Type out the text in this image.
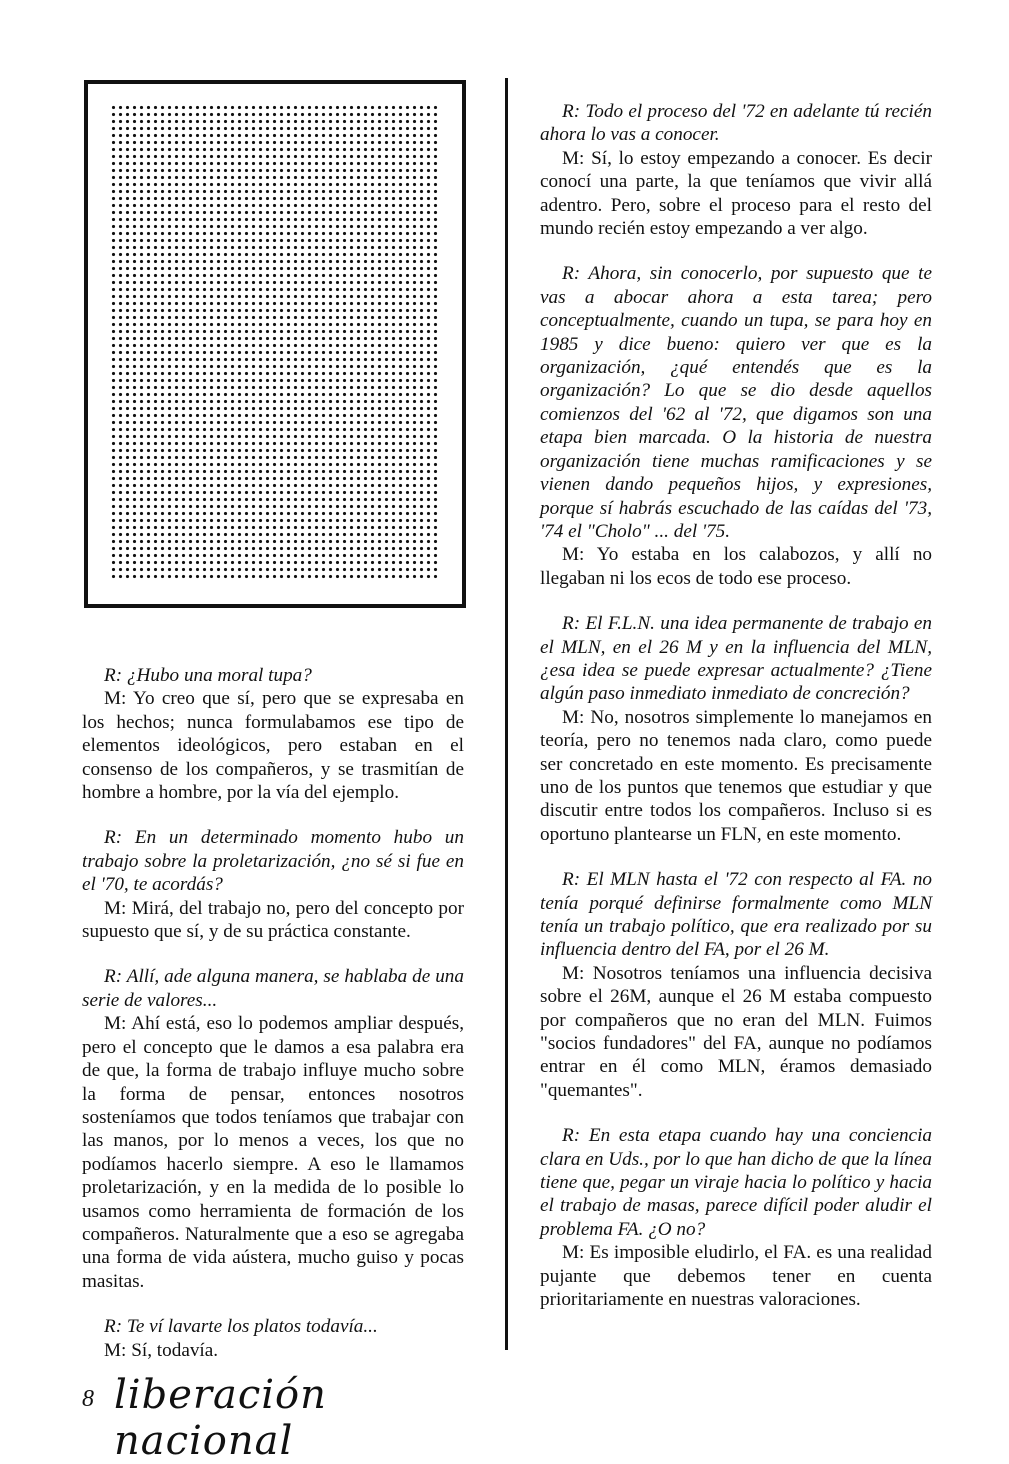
R: ¿Hubo una moral tupa?
M: Yo creo que sí, pero que se expresaba en los hechos; nunca formulabamos ese tipo de elementos ideológicos, pero estaban en el consenso de los compañeros, y se trasmitían de hombre a hombre, por la vía del ejemplo.
R: En un determinado momento hubo un trabajo sobre la proletarización, ¿no sé si fue en el '70, te acordás?
M: Mirá, del trabajo no, pero del concepto por supuesto que sí, y de su práctica constante.
R: Allí, ade alguna manera, se hablaba de una serie de valores...
M: Ahí está, eso lo podemos ampliar después, pero el concepto que le damos a esa palabra era de que, la forma de trabajo influye mucho sobre la forma de pensar, entonces nosotros sosteníamos que todos teníamos que trabajar con las manos, por lo menos a veces, los que no podíamos hacerlo siempre. A eso le llamamos proletarización, y en la medida de lo posible lo usamos como herramienta de formación de los compañeros. Naturalmente que a eso se agregaba una forma de vida aústera, mucho guiso y pocas masitas.
R: Te ví lavarte los platos todavía...
M: Sí, todavía.
R: Todo el proceso del '72 en adelante tú recién ahora lo vas a conocer.
M: Sí, lo estoy empezando a conocer. Es decir conocí una parte, la que teníamos que vivir allá adentro. Pero, sobre el proceso para el resto del mundo recién estoy empezando a ver algo.
R: Ahora, sin conocerlo, por supuesto que te vas a abocar ahora a esta tarea; pero conceptualmente, cuando un tupa, se para hoy en 1985 y dice bueno: quiero ver que es la organización, ¿qué entendés que es la organización? Lo que se dio desde aquellos comienzos del '62 al '72, que digamos son una etapa bien marcada. O la historia de nuestra organización tiene muchas ramificaciones y se vienen dando pequeños hijos, y expresiones, porque sí habrás escuchado de las caídas del '73, '74 el "Cholo" ... del '75.
M: Yo estaba en los calabozos, y allí no llegaban ni los ecos de todo ese proceso.
R: El F.L.N. una idea permanente de trabajo en el MLN, en el 26 M y en la influencia del MLN, ¿esa idea se puede expresar actualmente? ¿Tiene algún paso inmediato inmediato de concreción?
M: No, nosotros simplemente lo manejamos en teoría, pero no tenemos nada claro, como puede ser concretado en este momento. Es precisamente uno de los puntos que tenemos que estudiar y que discutir entre todos los compañeros. Incluso si es oportuno plantearse un FLN, en este momento.
R: El MLN hasta el '72 con respecto al FA. no tenía porqué definirse formalmente como MLN tenía un trabajo político, que era realizado por su influencia dentro del FA, por el 26 M.
M: Nosotros teníamos una influencia decisiva sobre el 26M, aunque el 26 M estaba compuesto por compañeros que no eran del MLN. Fuimos "socios fundadores" del FA, aunque no podíamos entrar en él como MLN, éramos demasiado "quemantes".
R: En esta etapa cuando hay una conciencia clara en Uds., por lo que han dicho de que la línea tiene que, pegar un viraje hacia lo político y hacia el trabajo de masas, parece difícil poder aludir el problema FA. ¿O no?
M: Es imposible eludirlo, el FA. es una realidad pujante que debemos tener en cuenta prioritariamente en nuestras valoraciones.
8 liberación nacional
